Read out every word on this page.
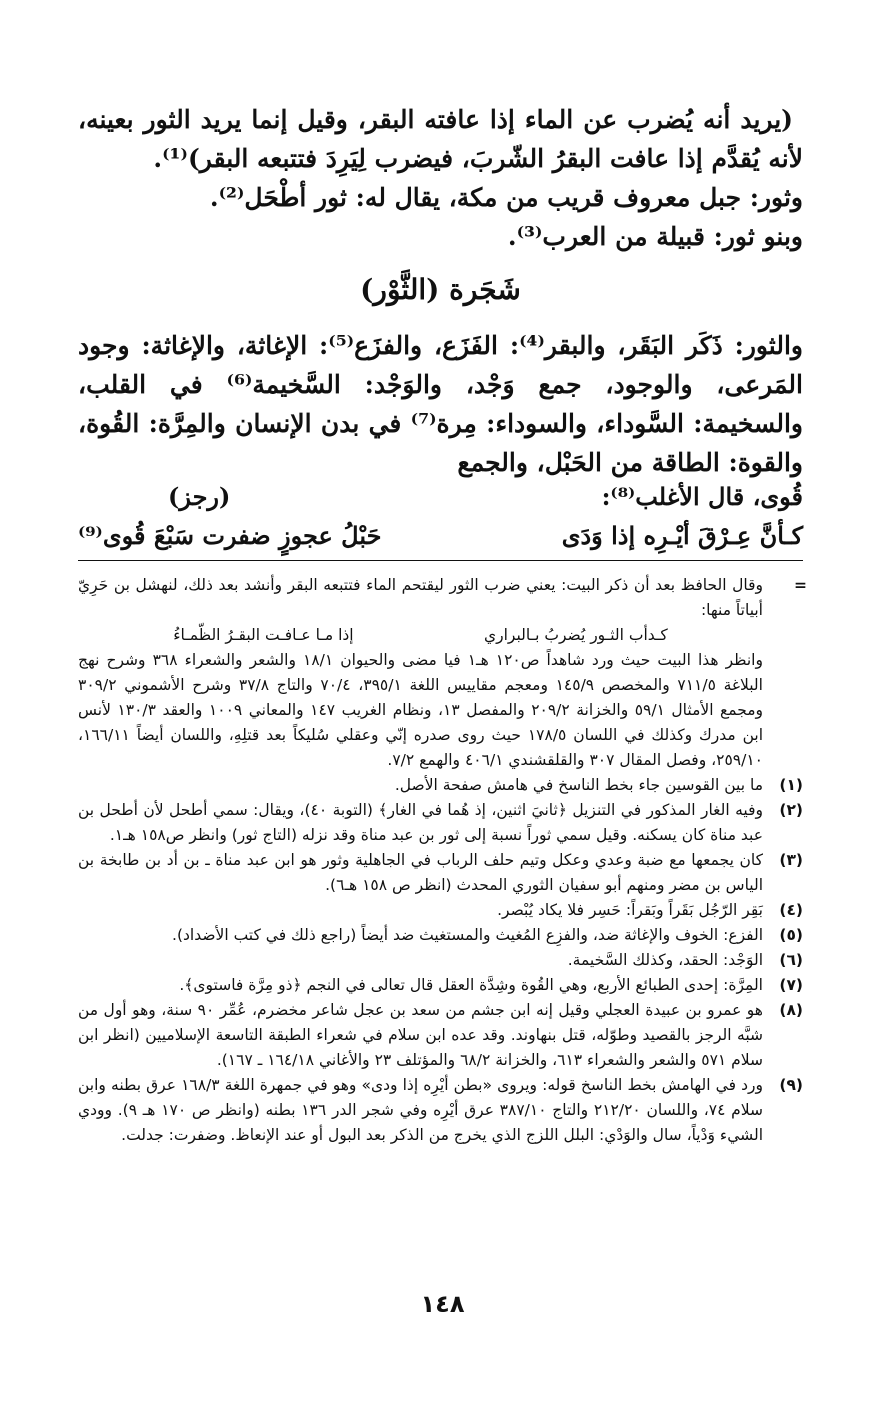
(يريد أنه يُضرب عن الماء إذا عافته البقر، وقيل إنما يريد الثور بعينه، لأنه يُقدَّم إذا عافت البقرُ الشّربَ، فيضرب لِيَرِدَ فتتبعه البقر)⁽¹⁾.

وثور: جبل معروف قريب من مكة، يقال له: ثور أطْحَل⁽²⁾.

وبنو ثور: قبيلة من العرب⁽³⁾.

شَجَرة (الثَّوْر)

والثور: ذَكَر البَقَر، والبقر⁽⁴⁾: الفَزَع، والفزَع⁽⁵⁾: الإغاثة، والإغاثة: وجود المَرعى، والوجود، جمع وَجْد، والوَجْد: السَّخيمة⁽⁶⁾ في القلب، والسخيمة: السَّوداء، والسوداء: مِرة⁽⁷⁾ في بدن الإنسان والمِرَّة: القُوة، والقوة: الطاقة من الحَبْل، والجمع

قُوى، قال الأغلب⁽⁸⁾:
(رجز)
كـأنَّ عِـرْقَ أيْـرِه إذا وَدَى
حَبْلُ عجوزٍ ضفرت سَبْعَ قُوى⁽⁹⁾
=

وقال الحافظ بعد أن ذكر البيت: يعني ضرب الثور ليقتحم الماء فتتبعه البقر وأنشد بعد ذلك، لنهشل بن حَرِيّ أبياتاً منها:

كـدأب الثـور يُضربُ بـالبراري
إذا مـا عـافـت البقـرُ الظّمـاءُ

وانظر هذا البيت حيث ورد شاهداً ص١٢٠ هـ١ فيا مضى والحيوان ١٨/١ والشعر والشعراء ٣٦٨ وشرح نهج البلاغة ٧١١/٥ والمخصص ١٤٥/٩ ومعجم مقاييس اللغة ٣٩٥/١، ٧٠/٤ والتاج ٣٧/٨ وشرح الأشموني ٣٠٩/٢ ومجمع الأمثال ٥٩/١ والخزانة ٢٠٩/٢ والمفصل ١٣، ونظام الغريب ١٤٧ والمعاني ١٠٠٩ والعقد ١٣٠/٣ لأنس ابن مدرك وكذلك في اللسان ١٧٨/٥ حيث روى صدره إنّي وعقلي سُليكاً بعد قتلِهِ، واللسان أيضاً ١٦٦/١١، ٢٥٩/١٠، وفصل المقال ٣٠٧ والقلقشندي ٤٠٦/١ والهمع ٧/٢.

(١)
ما بين القوسين جاء بخط الناسخ في هامش صفحة الأصل.
(٢)
وفيه الغار المذكور في التنزيل ﴿ثانيَ اثنين، إذ هُما في الغار﴾ (التوبة ٤٠)، ويقال: سمي أطحل لأن أطحل بن عبد مناة كان يسكنه. وقيل سمي ثوراً نسبة إلى ثور بن عبد مناة وقد نزله (التاج ثور) وانظر ص١٥٨ هـ١.
(٣)
كان يجمعها مع ضبة وعدي وعكل وتيم حلف الرباب في الجاهلية وثور هو ابن عبد مناة ـ بن أد بن طابخة بن الياس بن مضر ومنهم أبو سفيان الثوري المحدث (انظر ص ١٥٨ هـ٦).
(٤)
بَقِر الرّجُل بَقَراً وبَقراً: حَسِر فلا يكاد يُبْصر.
(٥)
الفزع: الخوف والإغاثة ضد، والفزِع المُغيث والمستغيث ضد أيضاً (راجع ذلك في كتب الأضداد).
(٦)
الوَجْد: الحقد، وكذلك السَّخيمة.
(٧)
المِرَّة: إحدى الطبائع الأربع، وهي القُوة وشِدَّة العقل قال تعالى في النجم ﴿ذو مِرَّة فاستوى﴾.
(٨)
هو عمرو بن عبيدة العجلي وقيل إنه ابن جشم من سعد بن عجل شاعر مخضرم، عُمِّر ٩٠ سنة، وهو أول من شبَّه الرجز بالقصيد وطوّله، قتل بنهاوند. وقد عده ابن سلام في شعراء الطبقة التاسعة الإسلاميين (انظر ابن سلام ٥٧١ والشعر والشعراء ٦١٣، والخزانة ٦٨/٢ والمؤتلف ٢٣ والأغاني ١٦٤/١٨ ـ ١٦٧).
(٩)
ورد في الهامش بخط الناسخ قوله: ويروى «بطن أيْرِه إذا ودى» وهو في جمهرة اللغة ١٦٨/٣ عرق بطنه وابن سلام ٧٤، واللسان ٢١٢/٢٠ والتاج ٣٨٧/١٠ عرق أيْرِه وفي شجر الدر ١٣٦ بطنه (وانظر ص ١٧٠ هـ ٩). وودي الشيء وَدْياً، سال والوَدْي: البلل اللزج الذي يخرج من الذكر بعد البول أو عند الإنعاظ. وضفرت: جدلت.
١٤٨
